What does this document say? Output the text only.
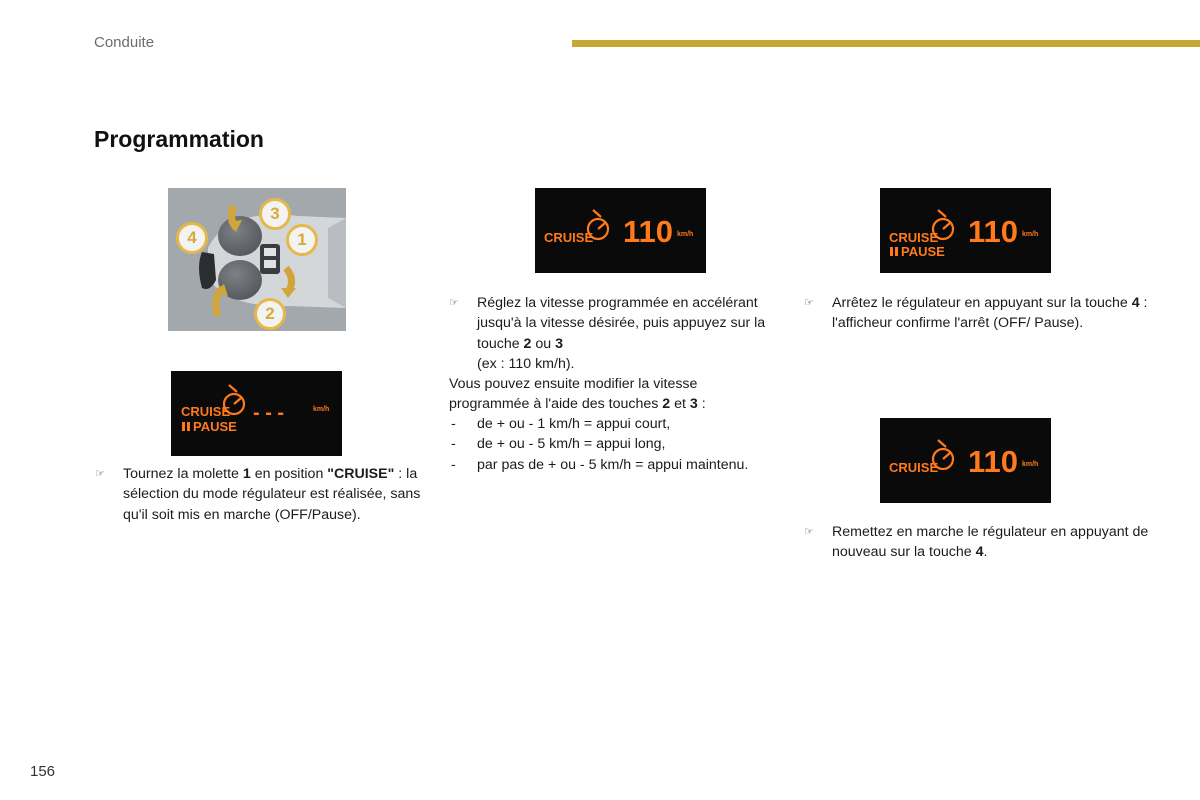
Conduite
Programmation
3
4	1
2
CRUISE
PAUSE
- - -	km/h
CRUISE 110 km/h	CRUISE
PAUSE
110 km/h
CRUISE 110 km/h
☞ Tournez la molette 1 en position "CRUISE" : la sélection du mode régulateur est réalisée, sans qu'il soit mis en marche (OFF/Pause).
☞ Réglez la vitesse programmée en accélérant jusqu'à la vitesse désirée, puis appuyez sur la touche 2 ou 3
(ex : 110 km/h).
Vous pouvez ensuite modifier la vitesse programmée à l'aide des touches 2 et 3 :
- de + ou - 1 km/h = appui court,
- de + ou - 5 km/h = appui long,
- par pas de + ou - 5 km/h = appui maintenu.
☞ Arrêtez le régulateur en appuyant sur la touche 4 : l'afficheur confirme l'arrêt (OFF/ Pause).
☞ Remettez en marche le régulateur en appuyant de nouveau sur la touche 4.
156
